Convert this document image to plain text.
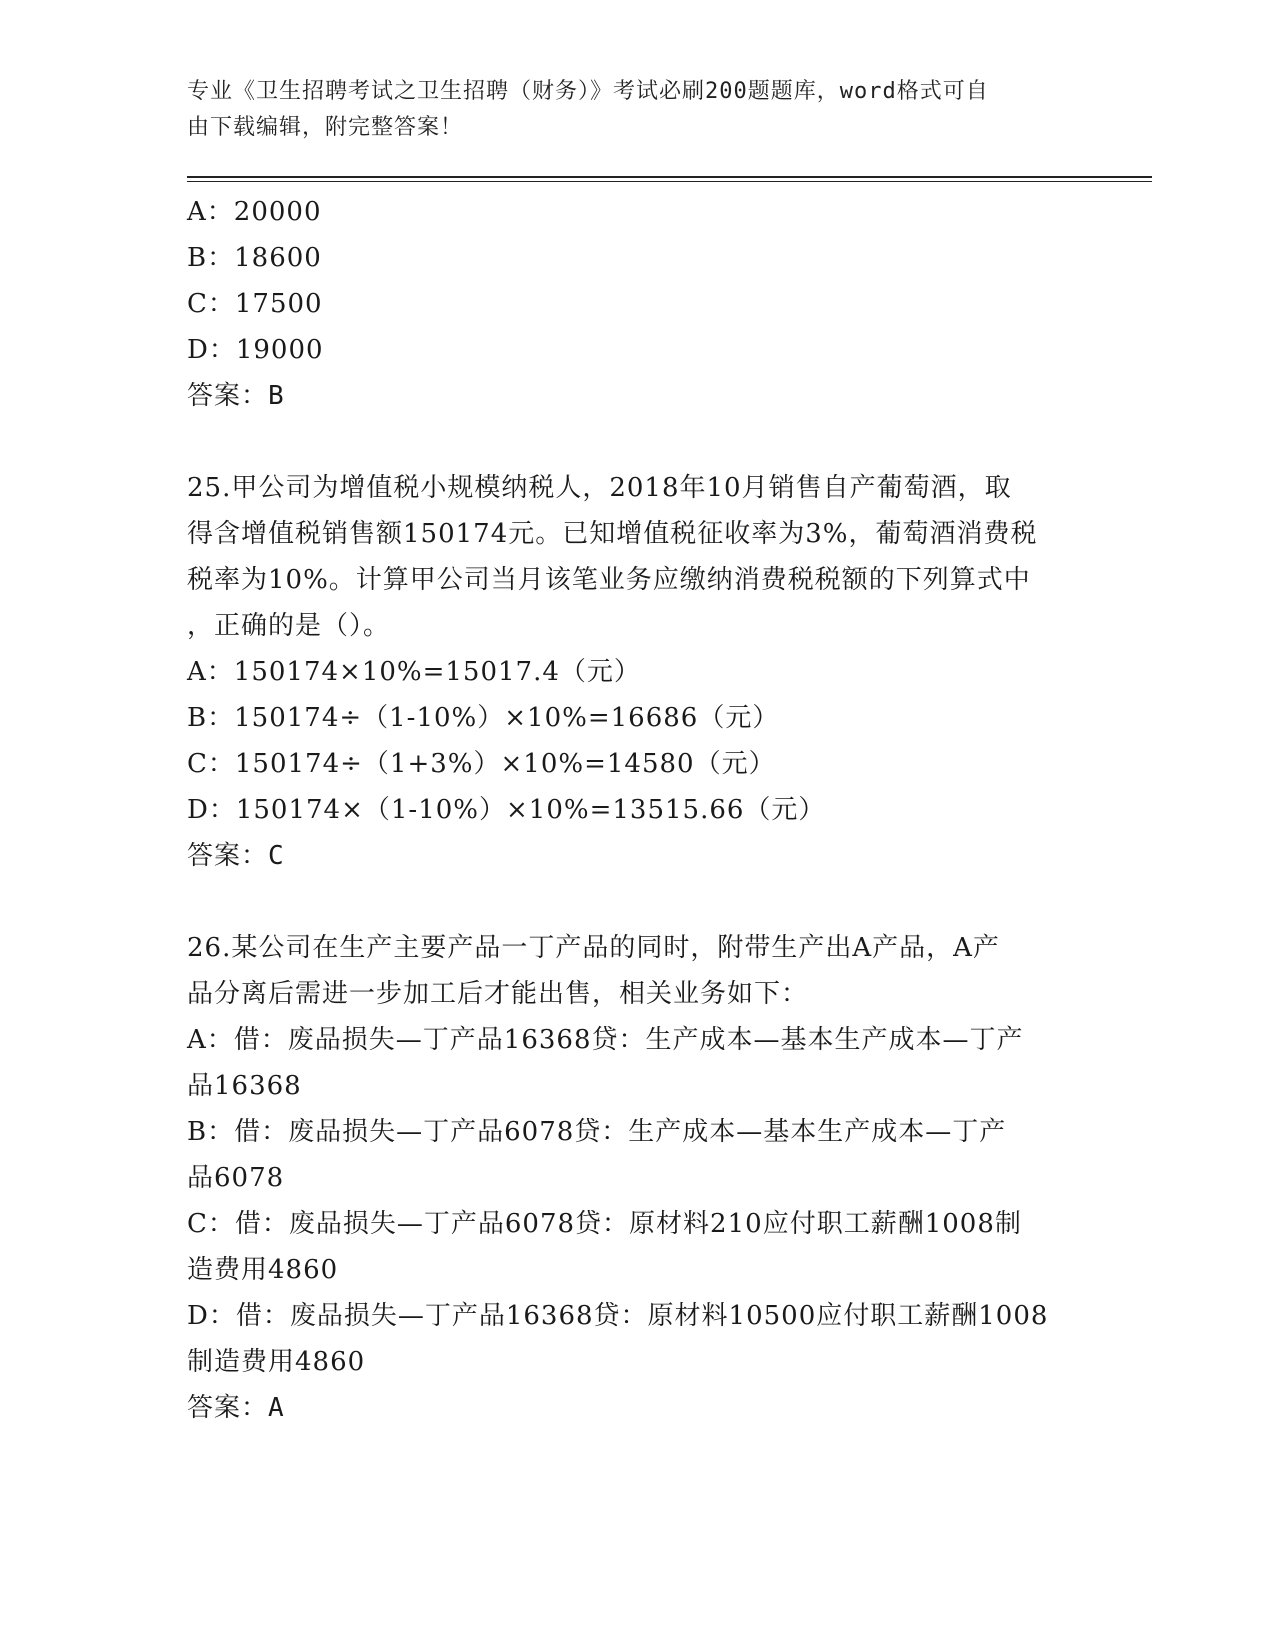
专业《卫生招聘考试之卫生招聘（财务）》考试必刷200题题库，word格式可自
由下载编辑，附完整答案！
A：20000
B：18600
C：17500
D：19000
答案：B
25.甲公司为增值税小规模纳税人，2018年10月销售自产葡萄酒，取
得含增值税销售额150174元。已知增值税征收率为3%，葡萄酒消费税
税率为10%。计算甲公司当月该笔业务应缴纳消费税税额的下列算式中
，正确的是（）。
A：150174×10%=15017.4（元）
B：150174÷（1-10%）×10%=16686（元）
C：150174÷（1+3%）×10%=14580（元）
D：150174×（1-10%）×10%=13515.66（元）
答案：C
26.某公司在生产主要产品一丁产品的同时，附带生产出A产品，A产
品分离后需进一步加工后才能出售，相关业务如下：
A：借：废品损失—丁产品16368贷：生产成本—基本生产成本—丁产
品16368
B：借：废品损失—丁产品6078贷：生产成本—基本生产成本—丁产
品6078
C：借：废品损失—丁产品6078贷：原材料210应付职工薪酬1008制
造费用4860
D：借：废品损失—丁产品16368贷：原材料10500应付职工薪酬1008
制造费用4860
答案：A
